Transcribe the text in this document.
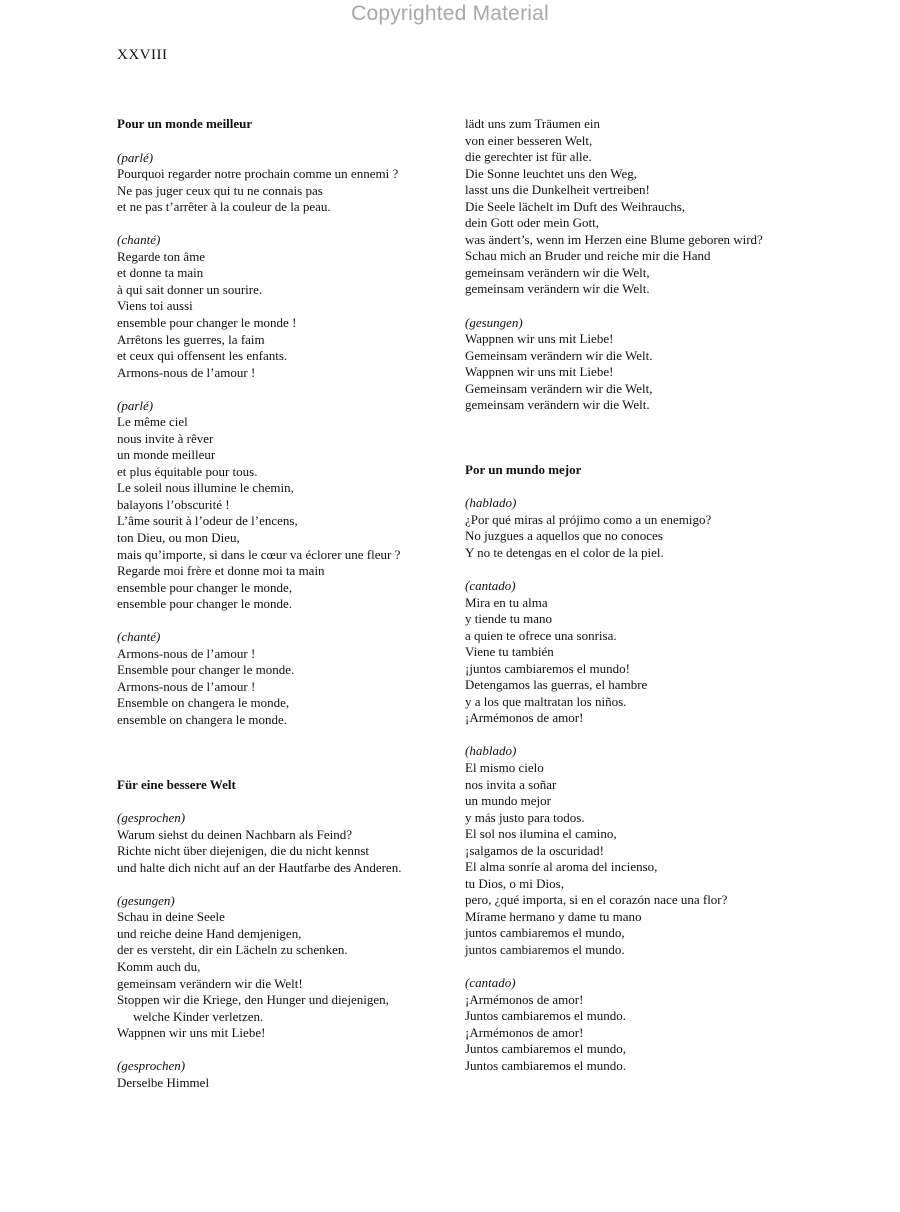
Copyrighted Material
XXVIII
Pour un monde meilleur
(parlé)
Pourquoi regarder notre prochain comme un ennemi ?
Ne pas juger ceux qui tu ne connais pas
et ne pas t’arrêter à la couleur de la peau.
(chanté)
Regarde ton âme
et donne ta main
à qui sait donner un sourire.
Viens toi aussi
ensemble pour changer le monde !
Arrêtons les guerres, la faim
et ceux qui offensent les enfants.
Armons-nous de l’amour !
(parlé)
Le même ciel
nous invite à rêver
un monde meilleur
et plus équitable pour tous.
Le soleil nous illumine le chemin,
balayons l’obscurité !
L’âme sourit à l’odeur de l’encens,
ton Dieu, ou mon Dieu,
mais qu’importe, si dans le cœur va éclorer une fleur ?
Regarde moi frère et donne moi ta main
ensemble pour changer le monde,
ensemble pour changer le monde.
(chanté)
Armons-nous de l’amour !
Ensemble pour changer le monde.
Armons-nous de l’amour !
Ensemble on changera le monde,
ensemble on changera le monde.
Für eine bessere Welt
(gesprochen)
Warum siehst du deinen Nachbarn als Feind?
Richte nicht über diejenigen, die du nicht kennst
und halte dich nicht auf an der Hautfarbe des Anderen.
(gesungen)
Schau in deine Seele
und reiche deine Hand demjenigen,
der es versteht, dir ein Lächeln zu schenken.
Komm auch du,
gemeinsam verändern wir die Welt!
Stoppen wir die Kriege, den Hunger und diejenigen,
welche Kinder verletzen.
Wappnen wir uns mit Liebe!
(gesprochen)
Derselbe Himmel
lädt uns zum Träumen ein
von einer besseren Welt,
die gerechter ist für alle.
Die Sonne leuchtet uns den Weg,
lasst uns die Dunkelheit vertreiben!
Die Seele lächelt im Duft des Weihrauchs,
dein Gott oder mein Gott,
was ändert’s, wenn im Herzen eine Blume geboren wird?
Schau mich an Bruder und reiche mir die Hand
gemeinsam verändern wir die Welt,
gemeinsam verändern wir die Welt.
(gesungen)
Wappnen wir uns mit Liebe!
Gemeinsam verändern wir die Welt.
Wappnen wir uns mit Liebe!
Gemeinsam verändern wir die Welt,
gemeinsam verändern wir die Welt.
Por un mundo mejor
(hablado)
¿Por qué miras al prójimo como a un enemigo?
No juzgues a aquellos que no conoces
Y no te detengas en el color de la piel.
(cantado)
Mira en tu alma
y tiende tu mano
a quien te ofrece una sonrisa.
Viene tu también
¡juntos cambiaremos el mundo!
Detengamos las guerras, el hambre
y a los que maltratan los niños.
¡Armémonos de amor!
(hablado)
El mismo cielo
nos invita a soñar
un mundo mejor
y más justo para todos.
El sol nos ilumina el camino,
¡salgamos de la oscuridad!
El alma sonríe al aroma del incienso,
tu Dios, o mi Dios,
pero, ¿qué importa, si en el corazón nace una flor?
Mírame hermano y dame tu mano
juntos cambiaremos el mundo,
juntos cambiaremos el mundo.
(cantado)
¡Armémonos de amor!
Juntos cambiaremos el mundo.
¡Armémonos de amor!
Juntos cambiaremos el mundo,
Juntos cambiaremos el mundo.
